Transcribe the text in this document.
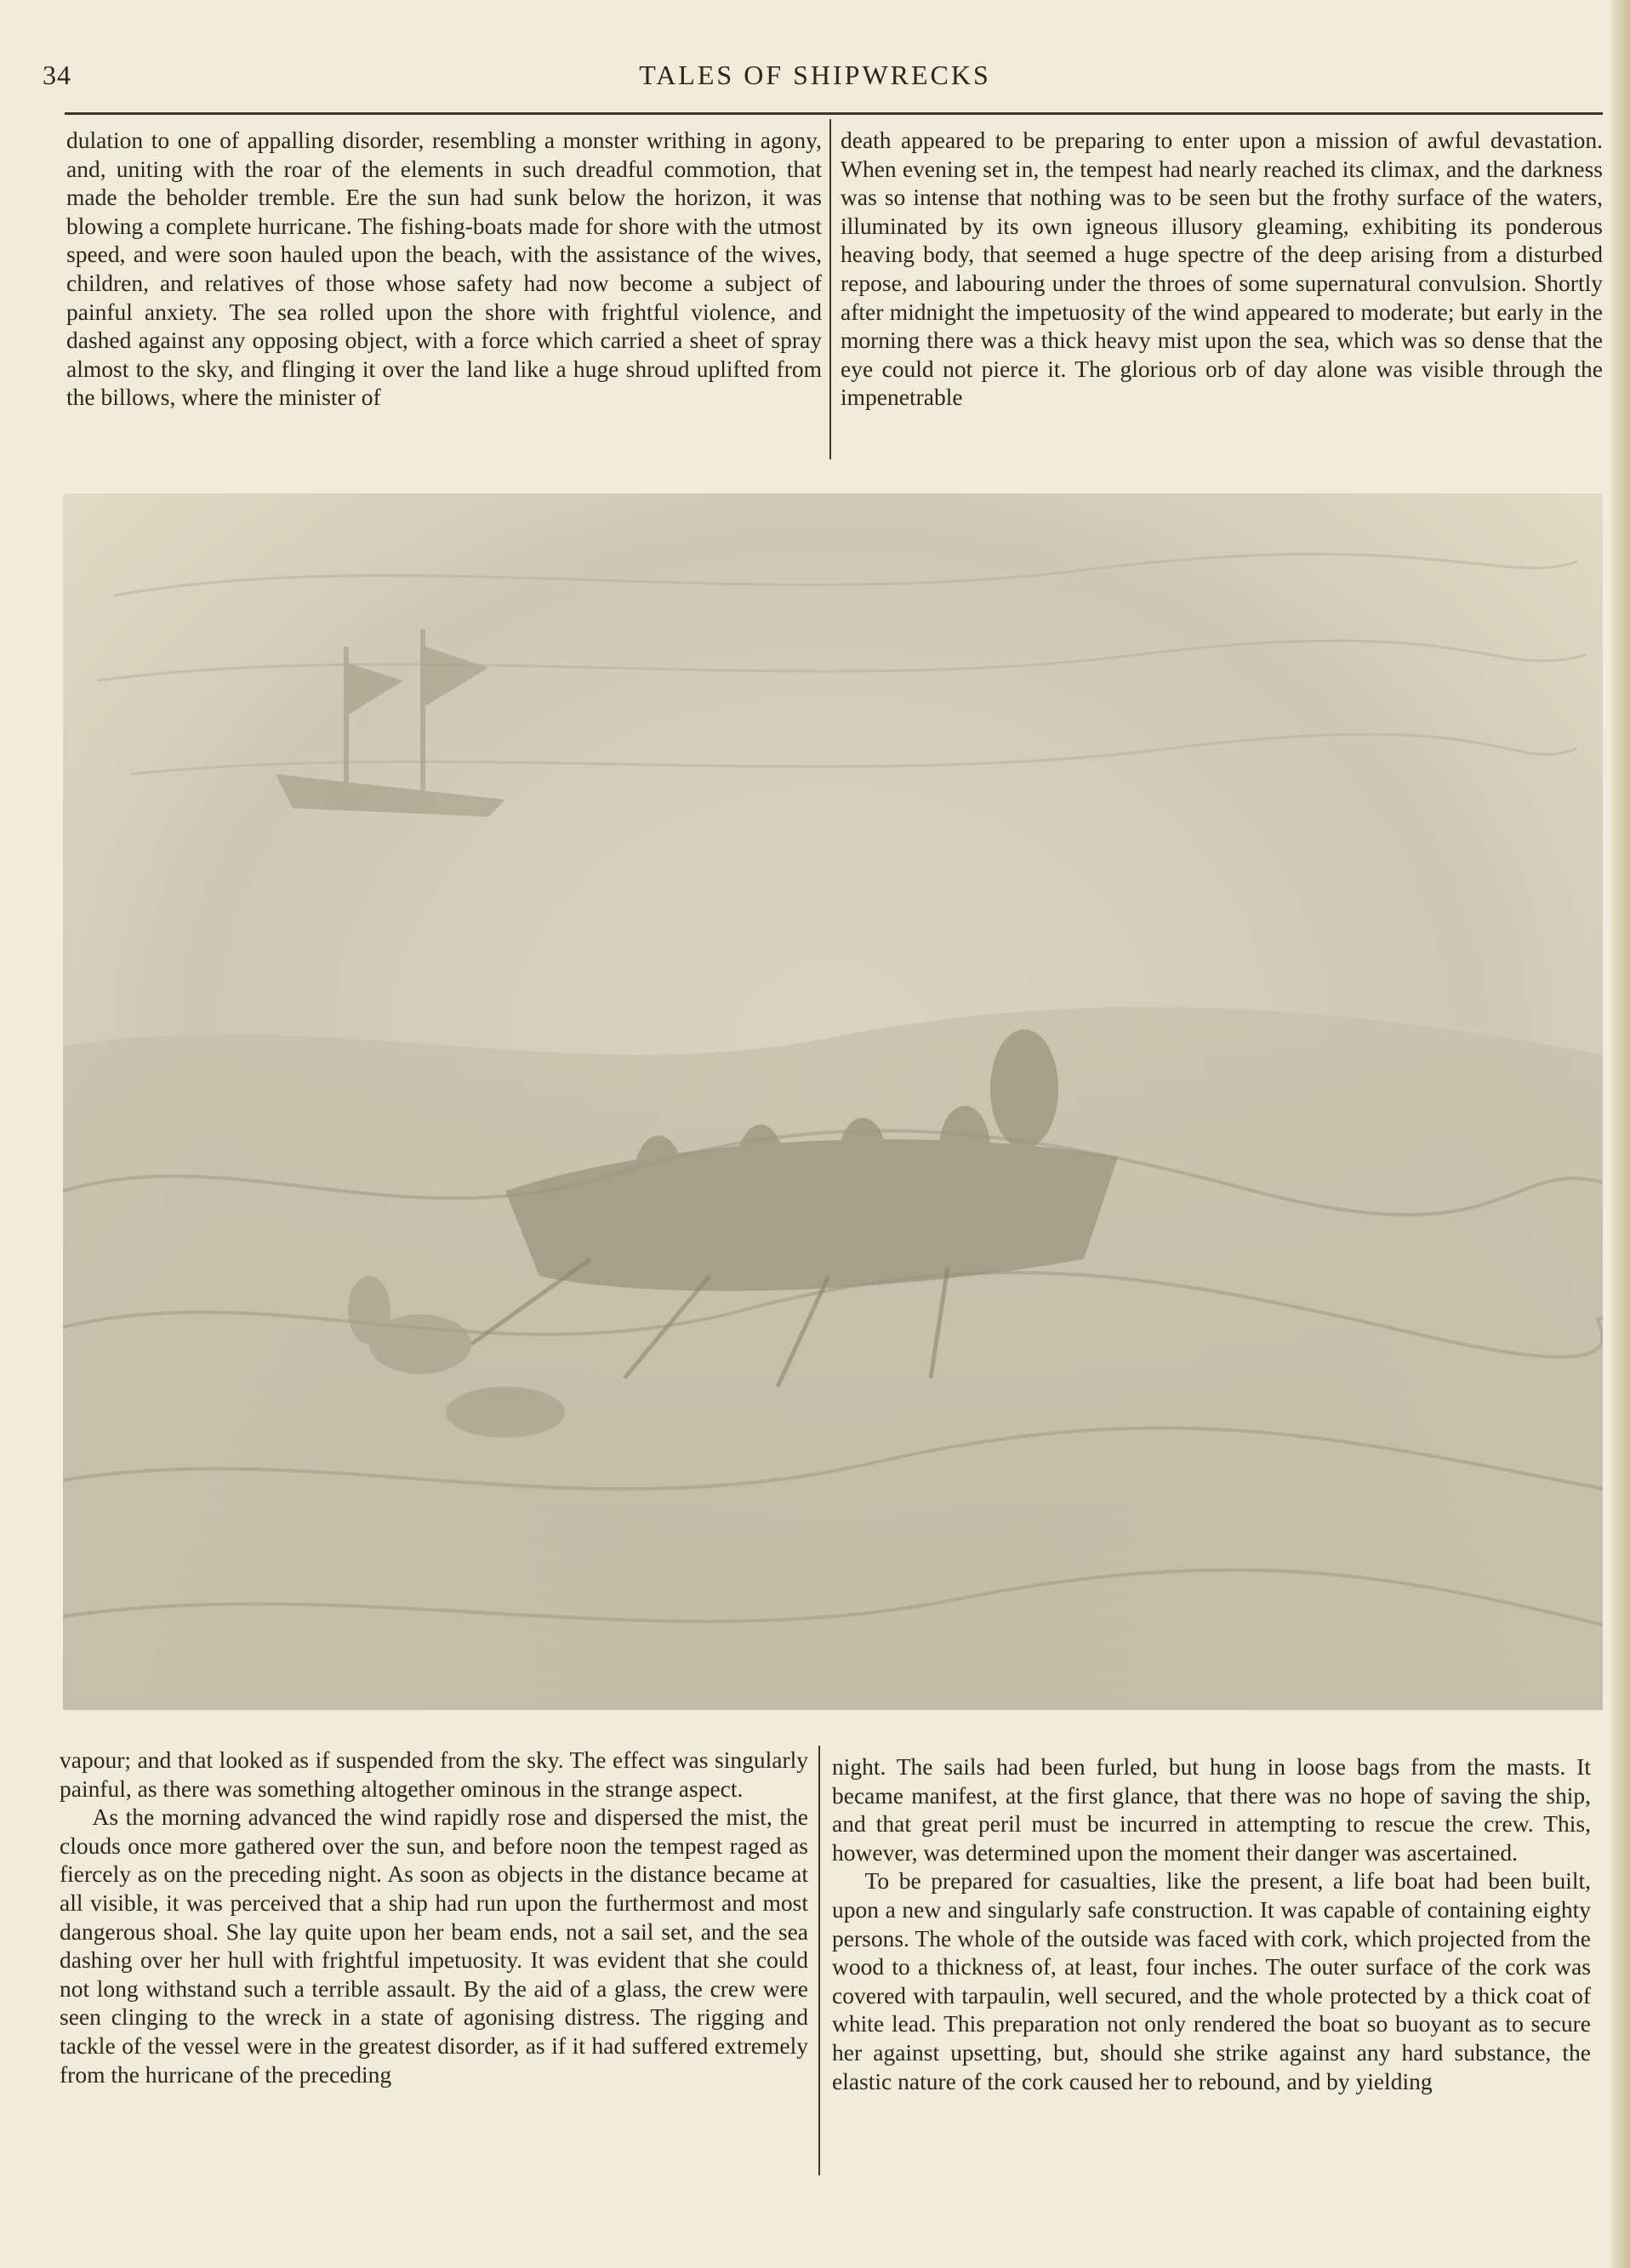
34	TALES OF SHIPWRECKS

dulation to one of appalling disorder, resembling a monster writhing in agony, and, uniting with the roar of the elements in such dreadful commotion, that made the beholder tremble. Ere the sun had sunk below the horizon, it was blowing a complete hurricane. The fishing-boats made for shore with the utmost speed, and were soon hauled upon the beach, with the assistance of the wives, children, and relatives of those whose safety had now become a subject of painful anxiety. The sea rolled upon the shore with frightful violence, and dashed against any opposing object, with a force which carried a sheet of spray almost to the sky, and flinging it over the land like a huge shroud uplifted from the billows, where the minister of

death appeared to be preparing to enter upon a mission of awful devastation. When evening set in, the tempest had nearly reached its climax, and the darkness was so intense that nothing was to be seen but the frothy surface of the waters, illuminated by its own igneous illusory gleaming, exhibiting its ponderous heaving body, that seemed a huge spectre of the deep arising from a disturbed repose, and labouring under the throes of some supernatural convulsion. Shortly after midnight the impetuosity of the wind appeared to moderate; but early in the morning there was a thick heavy mist upon the sea, which was so dense that the eye could not pierce it. The glorious orb of day alone was visible through the impenetrable

vapour; and that looked as if suspended from the sky. The effect was singularly painful, as there was something altogether ominous in the strange aspect.

As the morning advanced the wind rapidly rose and dispersed the mist, the clouds once more gathered over the sun, and before noon the tempest raged as fiercely as on the preceding night. As soon as objects in the distance became at all visible, it was perceived that a ship had run upon the furthermost and most dangerous shoal. She lay quite upon her beam ends, not a sail set, and the sea dashing over her hull with frightful impetuosity. It was evident that she could not long withstand such a terrible assault. By the aid of a glass, the crew were seen clinging to the wreck in a state of agonising distress. The rigging and tackle of the vessel were in the greatest disorder, as if it had suffered extremely from the hurricane of the preceding

night. The sails had been furled, but hung in loose bags from the masts. It became manifest, at the first glance, that there was no hope of saving the ship, and that great peril must be incurred in attempting to rescue the crew. This, however, was determined upon the moment their danger was ascertained.

To be prepared for casualties, like the present, a life boat had been built, upon a new and singularly safe construction. It was capable of containing eighty persons. The whole of the outside was faced with cork, which projected from the wood to a thickness of, at least, four inches. The outer surface of the cork was covered with tarpaulin, well secured, and the whole protected by a thick coat of white lead. This preparation not only rendered the boat so buoyant as to secure her against upsetting, but, should she strike against any hard substance, the elastic nature of the cork caused her to rebound, and by yielding
